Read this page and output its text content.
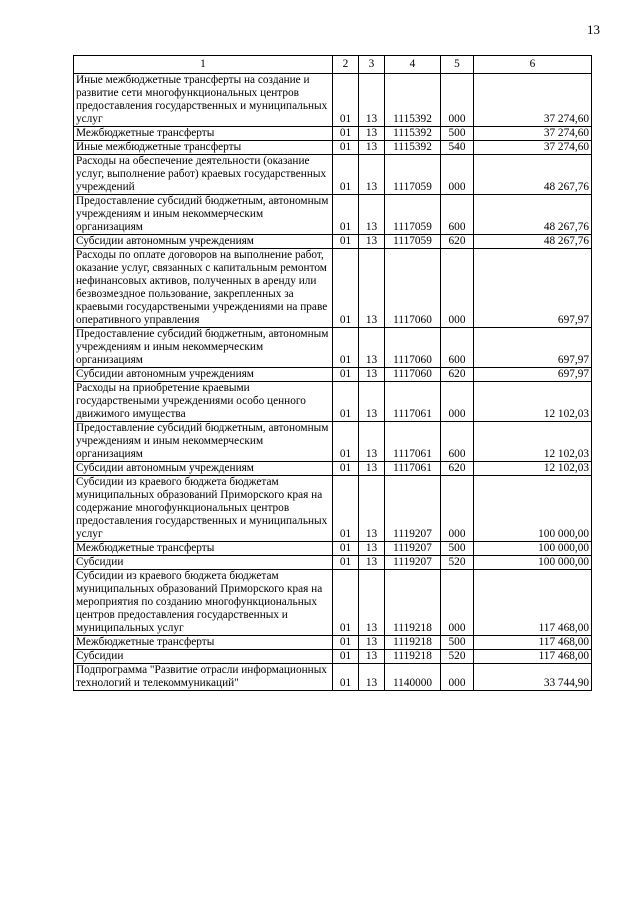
13
1	2	3	4	5	6
Иные межбюджетные трансферты на создание и развитие сети многофункциональных центров предоставления государственных и муниципальных услуг	01	13	1115392	000	37 274,60
Межбюджетные трансферты	01	13	1115392	500	37 274,60
Иные межбюджетные трансферты	01	13	1115392	540	37 274,60
Расходы на обеспечение деятельности (оказание услуг, выполнение работ) краевых государственных учреждений	01	13	1117059	000	48 267,76
Предоставление субсидий бюджетным, автономным учреждениям и иным некоммерческим организациям	01	13	1117059	600	48 267,76
Субсидии автономным учреждениям	01	13	1117059	620	48 267,76
Расходы по оплате договоров на выполнение работ, оказание услуг, связанных с капитальным ремонтом нефинансовых активов, полученных в аренду или безвозмездное пользование, закрепленных за краевыми государствеными учреждениями на праве оперативного управления	01	13	1117060	000	697,97
Предоставление субсидий бюджетным, автономным учреждениям и иным некоммерческим организациям	01	13	1117060	600	697,97
Субсидии автономным учреждениям	01	13	1117060	620	697,97
Расходы на приобретение краевыми государствеными учреждениями особо ценного движимого имущества	01	13	1117061	000	12 102,03
Предоставление субсидий бюджетным, автономным учреждениям и иным некоммерческим организациям	01	13	1117061	600	12 102,03
Субсидии автономным учреждениям	01	13	1117061	620	12 102,03
Субсидии из краевого бюджета бюджетам муниципальных образований Приморского края на содержание многофункциональных центров предоставления государственных и муниципальных услуг	01	13	1119207	000	100 000,00
Межбюджетные трансферты	01	13	1119207	500	100 000,00
Субсидии	01	13	1119207	520	100 000,00
Субсидии из краевого бюджета бюджетам муниципальных образований Приморского края на мероприятия по созданию многофункциональных центров предоставления государственных и муниципальных услуг	01	13	1119218	000	117 468,00
Межбюджетные трансферты	01	13	1119218	500	117 468,00
Субсидии	01	13	1119218	520	117 468,00
Подпрограмма "Развитие отрасли информационных технологий и телекоммуникаций"	01	13	1140000	000	33 744,90
